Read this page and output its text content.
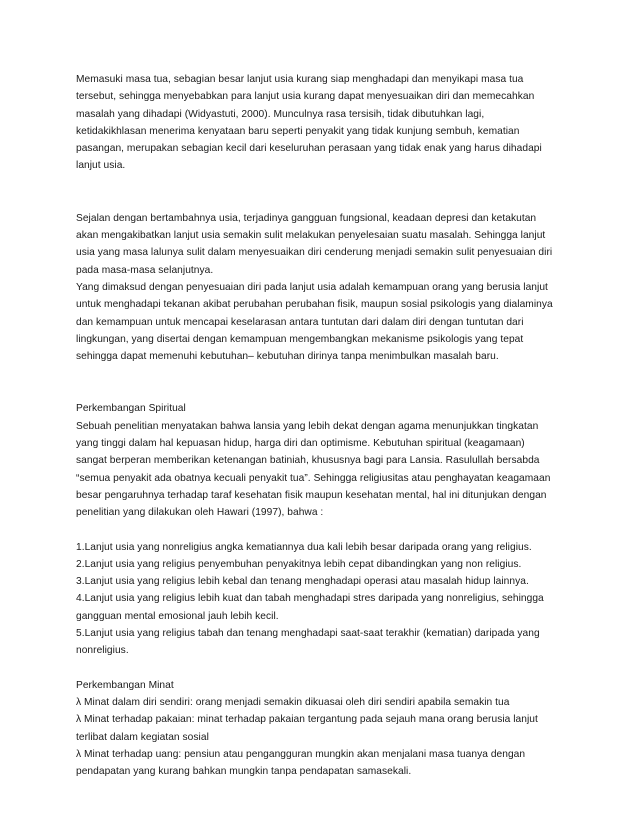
Memasuki masa tua, sebagian besar lanjut usia kurang siap menghadapi dan menyikapi masa tua
tersebut, sehingga menyebabkan para lanjut usia kurang dapat menyesuaikan diri dan memecahkan
masalah yang dihadapi (Widyastuti, 2000). Munculnya rasa tersisih, tidak dibutuhkan lagi,
ketidakikhlasan menerima kenyataan baru seperti penyakit yang tidak kunjung sembuh, kematian
pasangan, merupakan sebagian kecil dari keseluruhan perasaan yang tidak enak yang harus dihadapi
lanjut usia.
Sejalan dengan bertambahnya usia, terjadinya gangguan fungsional, keadaan depresi dan ketakutan
akan mengakibatkan lanjut usia semakin sulit melakukan penyelesaian suatu masalah. Sehingga lanjut
usia yang masa lalunya sulit dalam menyesuaikan diri cenderung menjadi semakin sulit penyesuaian diri
pada masa-masa selanjutnya.
Yang dimaksud dengan penyesuaian diri pada lanjut usia adalah kemampuan orang yang berusia lanjut
untuk menghadapi tekanan akibat perubahan perubahan fisik, maupun sosial psikologis yang dialaminya
dan kemampuan untuk mencapai keselarasan antara tuntutan dari dalam diri dengan tuntutan dari
lingkungan, yang disertai dengan kemampuan mengembangkan mekanisme psikologis yang tepat
sehingga dapat memenuhi kebutuhan– kebutuhan dirinya tanpa menimbulkan masalah baru.
Perkembangan Spiritual
Sebuah penelitian menyatakan bahwa lansia yang lebih dekat dengan agama menunjukkan tingkatan
yang tinggi dalam hal kepuasan hidup, harga diri dan optimisme. Kebutuhan spiritual (keagamaan)
sangat berperan memberikan ketenangan batiniah, khususnya bagi para Lansia. Rasulullah bersabda
“semua penyakit ada obatnya kecuali penyakit tua”. Sehingga religiusitas atau penghayatan keagamaan
besar pengaruhnya terhadap taraf kesehatan fisik maupun kesehatan mental, hal ini ditunjukan dengan
penelitian yang dilakukan oleh Hawari (1997), bahwa :
1.Lanjut usia yang nonreligius angka kematiannya dua kali lebih besar daripada orang yang religius.
2.Lanjut usia yang religius penyembuhan penyakitnya lebih cepat dibandingkan yang non religius.
3.Lanjut usia yang religius lebih kebal dan tenang menghadapi operasi atau masalah hidup lainnya.
4.Lanjut usia yang religius lebih kuat dan tabah menghadapi stres daripada yang nonreligius, sehingga
gangguan mental emosional jauh lebih kecil.
5.Lanjut usia yang religius tabah dan tenang menghadapi saat-saat terakhir (kematian) daripada yang
nonreligius.
Perkembangan Minat
λ Minat dalam diri sendiri: orang menjadi semakin dikuasai oleh diri sendiri apabila semakin tua
λ Minat terhadap pakaian: minat terhadap pakaian tergantung pada sejauh mana orang berusia lanjut
terlibat dalam kegiatan sosial
λ Minat terhadap uang: pensiun atau pengangguran mungkin akan menjalani masa tuanya dengan
pendapatan yang kurang bahkan mungkin tanpa pendapatan samasekali.
